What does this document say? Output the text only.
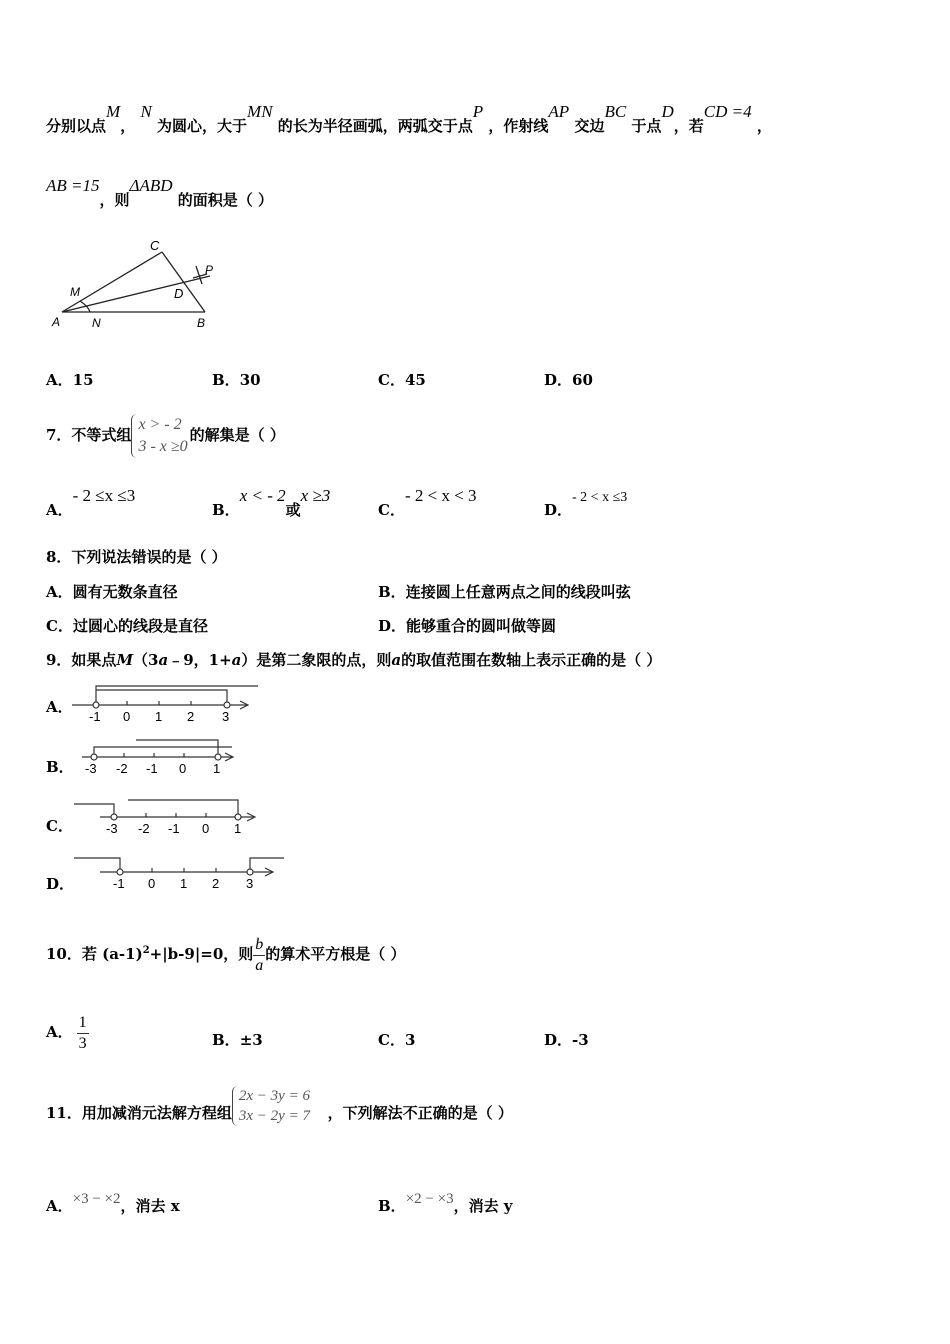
分别以点M， N 为圆心，大于MN 的长为半径画弧，两弧交于点P ，作射线AP 交边BC 于点D，若CD =4 ，
AB =15，则ΔABD 的面积是（ ）
C
M
P
D
A	N	B
A．15	B．30	C．45	D．60
7．不等式组
x > - 2
3 - x ≥0
的解集是（ ）
A．- 2 ≤x ≤3
B．x < - 2或x ≥3
C．- 2 < x < 3
D．- 2 < x ≤3
8．下列说法错误的是（ ）
A．圆有无数条直径	B．连接圆上任意两点之间的线段叫弦
C．过圆心的线段是直径	D．能够重合的圆叫做等圆
9．如果点M（3a﹣9，1+a）是第二象限的点，则a的取值范围在数轴上表示正确的是（ ）
A．
-1 0 1 2 3
B． -3 -2 -1 0 1
C．	-3 -2 -1 0 1
D．	-1 0 1 2 3
10．若 $(a-1)^2+|b-9|=0$，则 $\frac{b}{a}$ 的算术平方根是（ ）
A． $\frac{1}{3}$	B．±3	C．3	D．-3
11．用加减消元法解方程组
2x − 3y = 6
3x − 2y = 7 ，下列解法不正确的是（ ）
A．×3 − ×2，消去 x	B．×2 − ×3，消去 y
